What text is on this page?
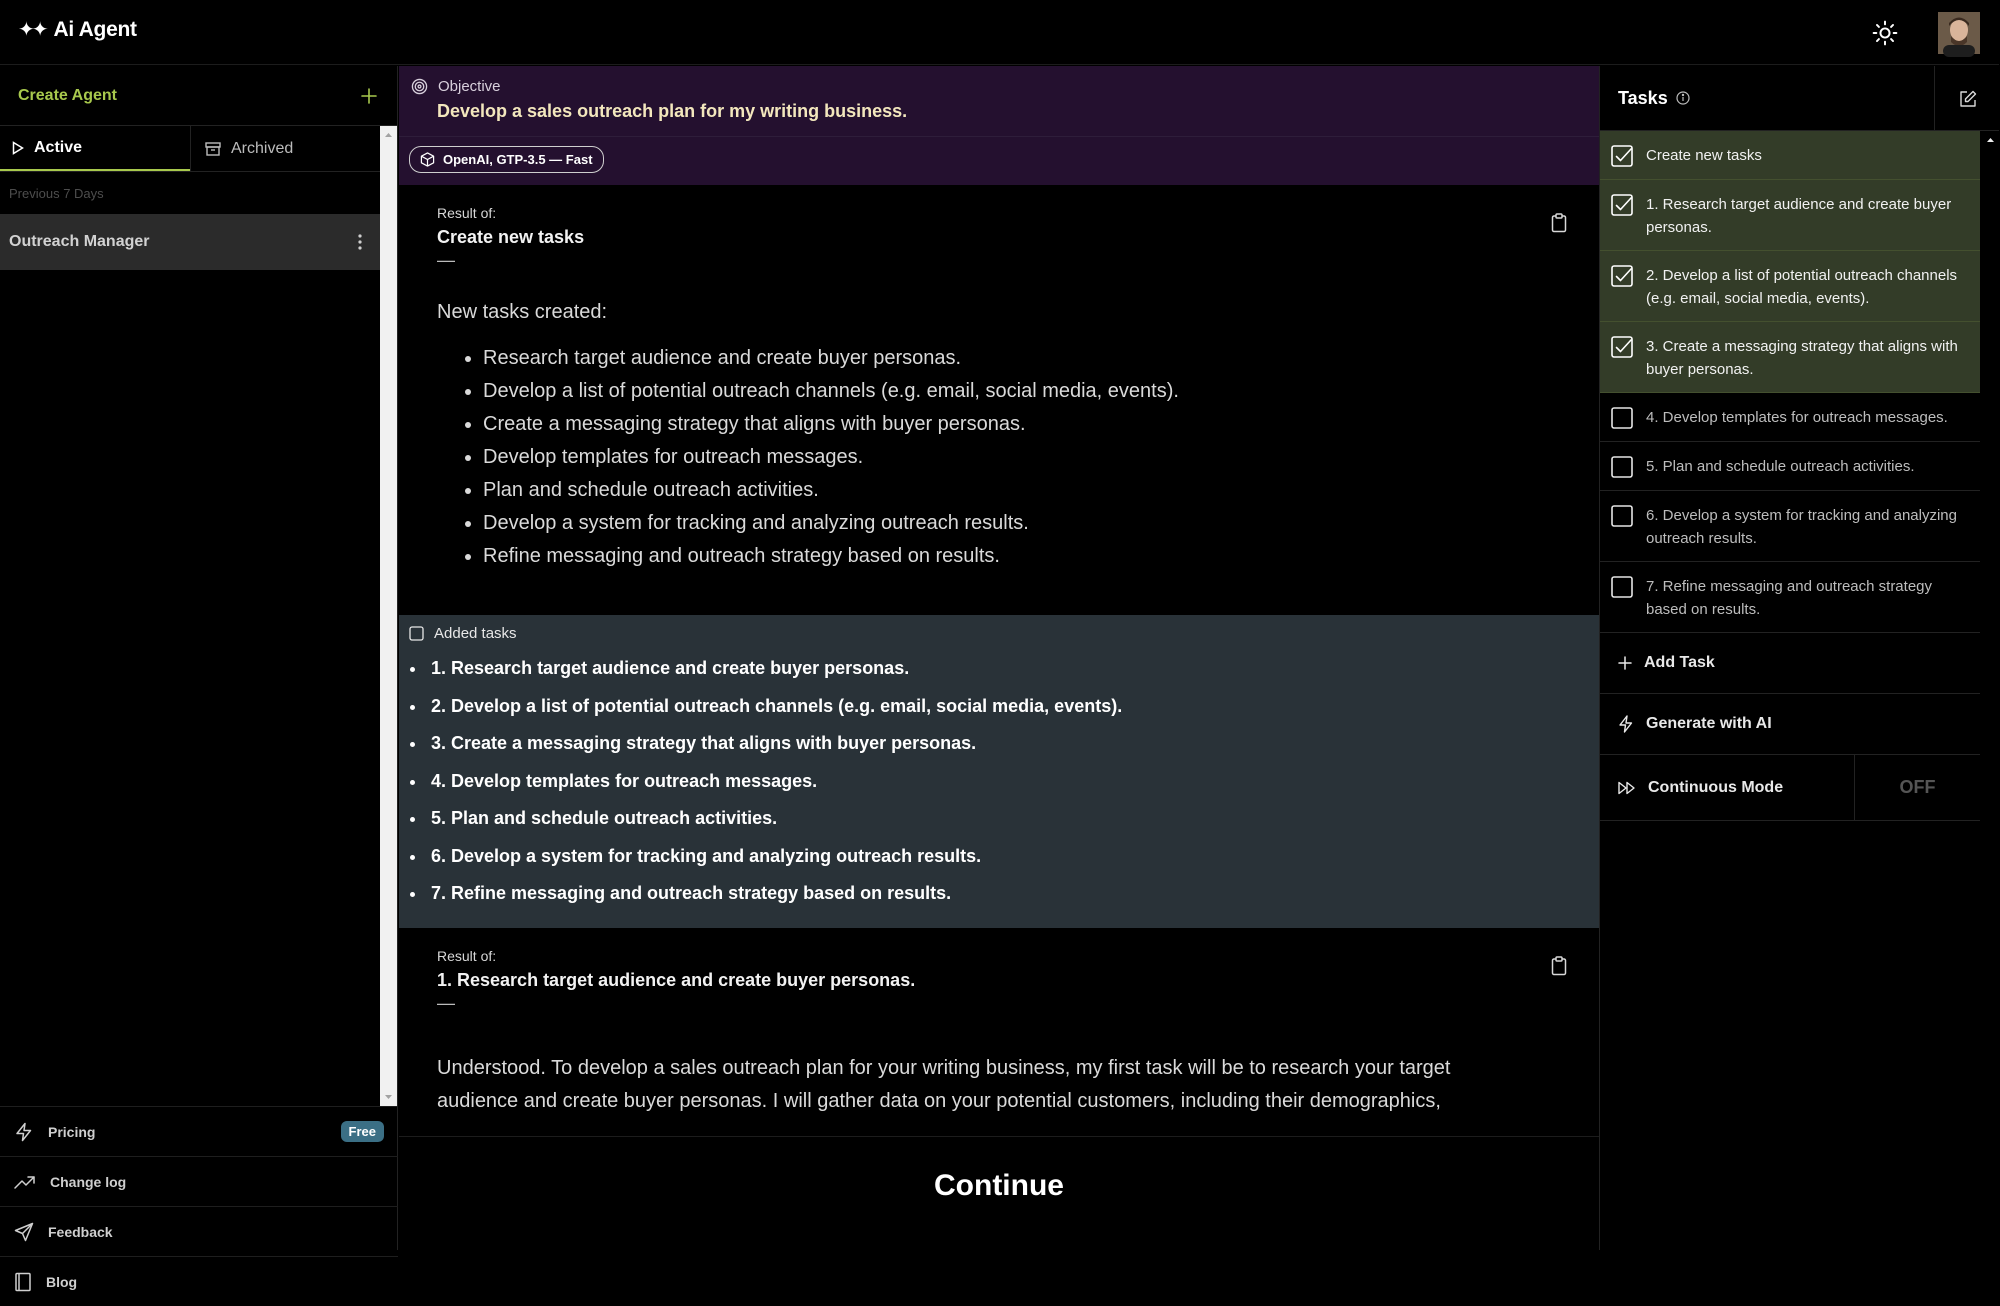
✦✦ Ai Agent
Create Agent
Active	Archived
Previous 7 Days
Outreach Manager
Pricing	Free
Change log
Feedback
Blog
Objective
Develop a sales outreach plan for my writing business.
OpenAI, GTP-3.5 — Fast
Result of:
Create new tasks
—
New tasks created:
• Research target audience and create buyer personas.
• Develop a list of potential outreach channels (e.g. email, social media, events).
• Create a messaging strategy that aligns with buyer personas.
• Develop templates for outreach messages.
• Plan and schedule outreach activities.
• Develop a system for tracking and analyzing outreach results.
• Refine messaging and outreach strategy based on results.
Added tasks
• 1. Research target audience and create buyer personas.
• 2. Develop a list of potential outreach channels (e.g. email, social media, events).
• 3. Create a messaging strategy that aligns with buyer personas.
• 4. Develop templates for outreach messages.
• 5. Plan and schedule outreach activities.
• 6. Develop a system for tracking and analyzing outreach results.
• 7. Refine messaging and outreach strategy based on results.
Result of:
1. Research target audience and create buyer personas.
—
Understood. To develop a sales outreach plan for your writing business, my first task will be to research your target audience and create buyer personas. I will gather data on your potential customers, including their demographics,
Continue
Tasks
Create new tasks
1. Research target audience and create buyer personas.
2. Develop a list of potential outreach channels (e.g. email, social media, events).
3. Create a messaging strategy that aligns with buyer personas.
4. Develop templates for outreach messages.
5. Plan and schedule outreach activities.
6. Develop a system for tracking and analyzing outreach results.
7. Refine messaging and outreach strategy based on results.
Add Task
Generate with AI
Continuous Mode	OFF
